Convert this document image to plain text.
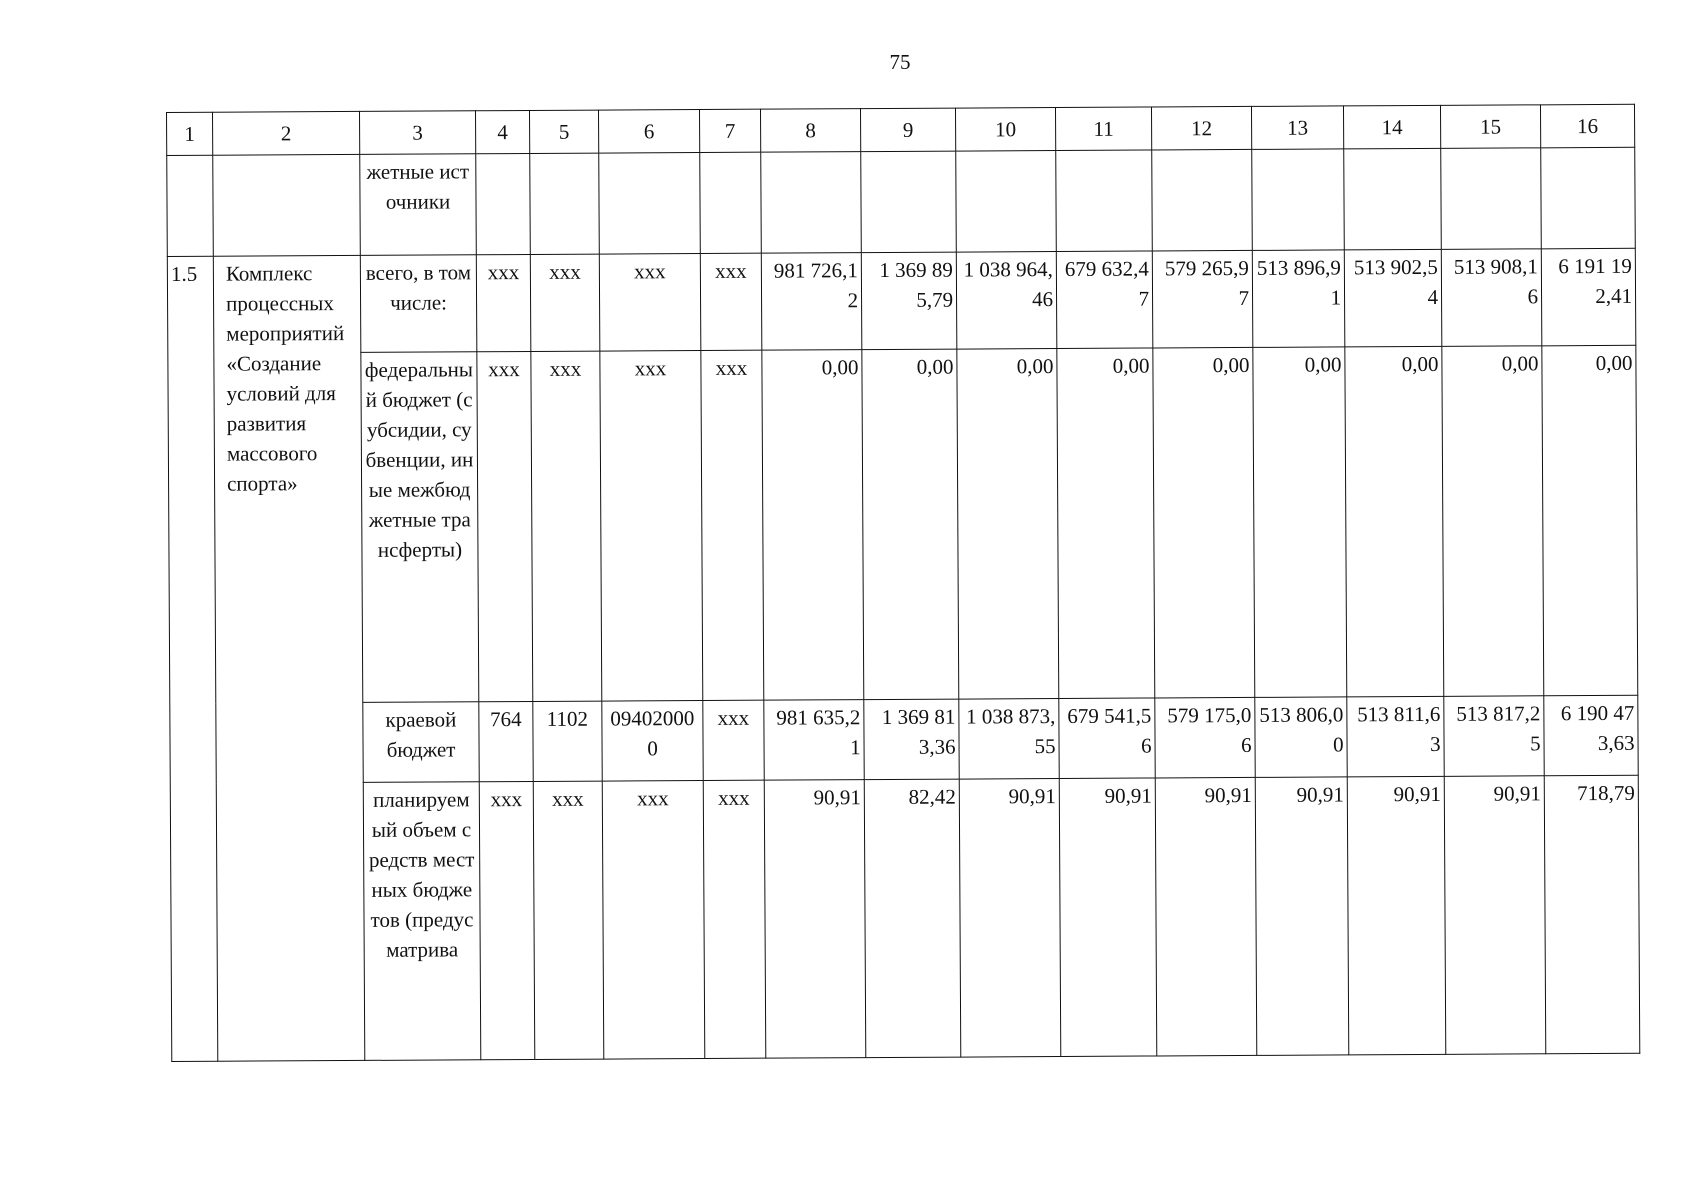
75
1	2	3	4	5	6	7	8	9	10	11	12	13	14	15	16
		жетные источники													
1.5	Комплекс процессных мероприятий «Создание условий для развития массового спорта»	всего, в том числе:	ххх	ххх	ххх	ххх	981 726,12	1 369 895,79	1 038 964,46	679 632,47	579 265,97	513 896,91	513 902,54	513 908,16	6 191 192,41
		федеральный бюджет (субсидии, субвенции, иные межбюджетные трансферты)	ххх	ххх	ххх	ххх	0,00	0,00	0,00	0,00	0,00	0,00	0,00	0,00	0,00
		краевой бюджет	764	1102	094020000	ххх	981 635,21	1 369 813,36	1 038 873,55	679 541,56	579 175,06	513 806,00	513 811,63	513 817,25	6 190 473,63
		планируемый объем средств местных бюджетов (предусматрива	ххх	ххх	ххх	ххх	90,91	82,42	90,91	90,91	90,91	90,91	90,91	90,91	718,79
